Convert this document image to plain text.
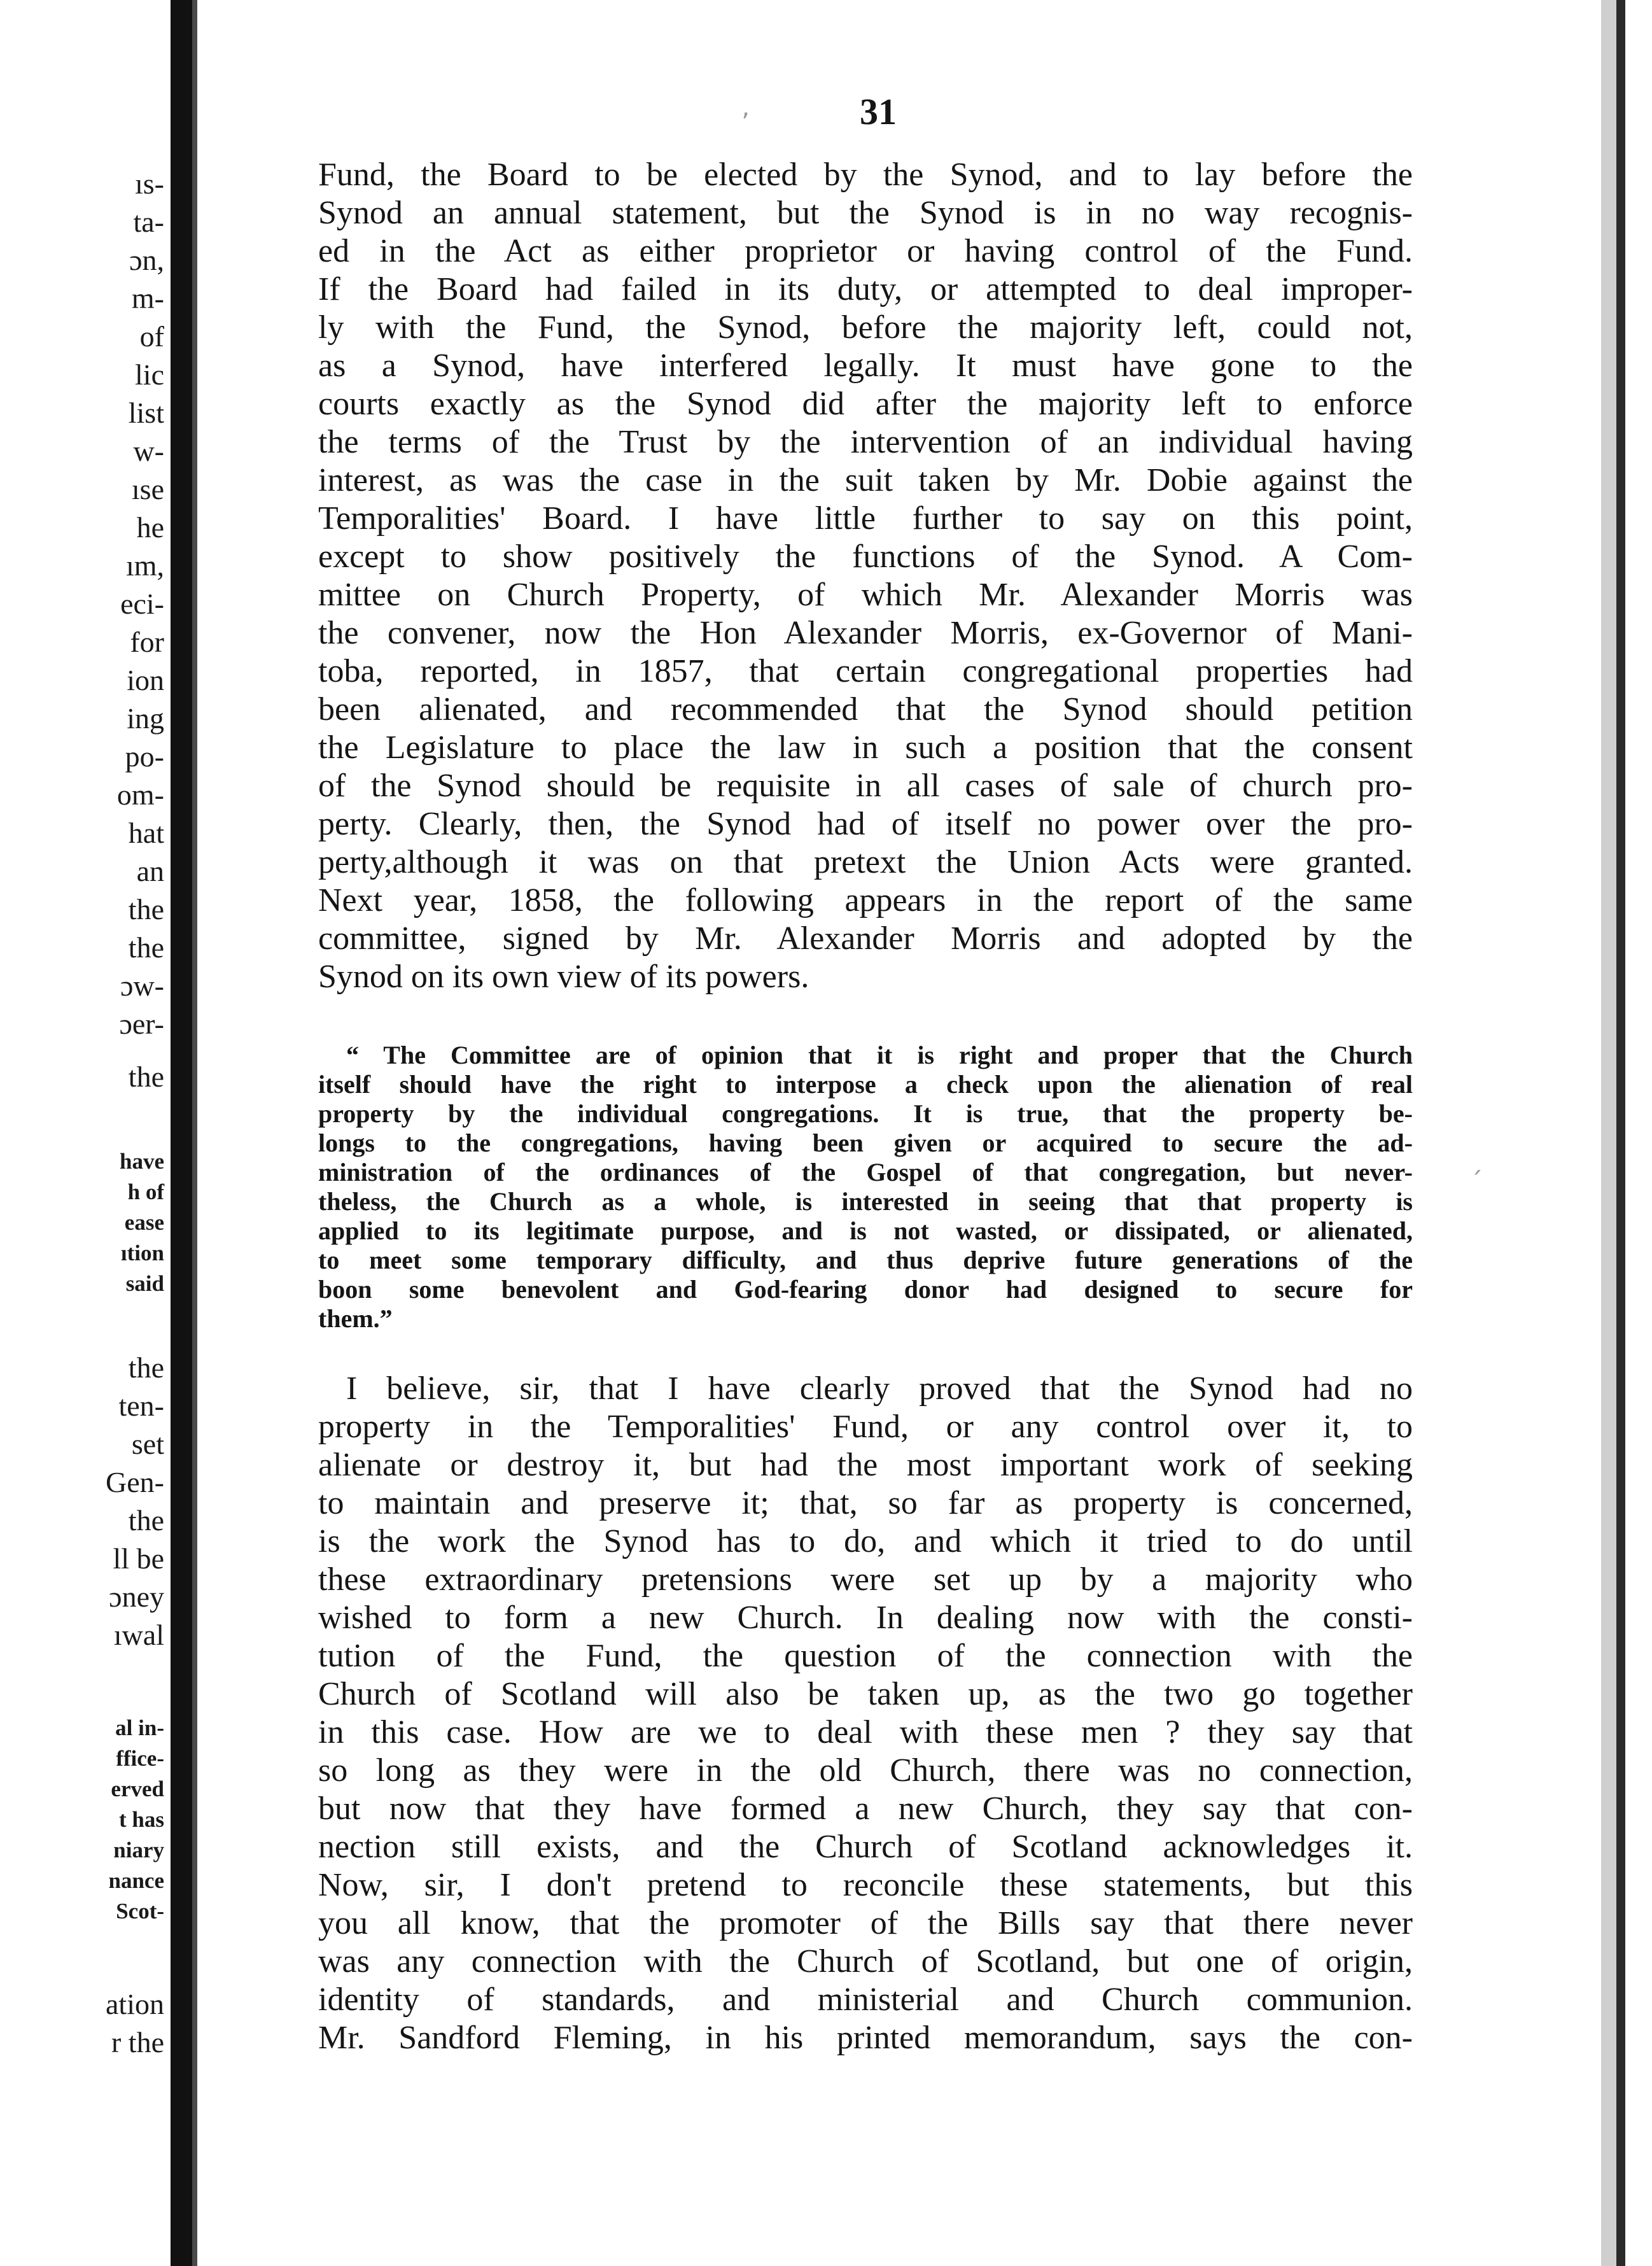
ıs-
ta-
ɔn,
m-
of
lic
list
w-
ıse
he
ım,
eci-
for
ion
ing
po-
om-
hat
an
the
the
ɔw-
ɔer-
the
have
h of
ease
ıtion
said
the
ten-
set
Gen-
the
ll be
ɔney
ıwal
al in-
ffice-
erved
t has
niary
nance
Scot-
ation
r the
ʼ
ˏ
31
Fund, the Board to be elected by the Synod, and to lay before the
Synod an annual statement, but the Synod is in no way recognis-
ed in the Act as either proprietor or having control of the Fund.
If the Board had failed in its duty, or attempted to deal improper-
ly with the Fund, the Synod, before the majority left, could not,
as a Synod, have interfered legally. It must have gone to the
courts exactly as the Synod did after the majority left to enforce
the terms of the Trust by the intervention of an individual having
interest, as was the case in the suit taken by Mr. Dobie against the
Temporalities' Board. I have little further to say on this point,
except to show positively the functions of the Synod. A Com-
mittee on Church Property, of which Mr. Alexander Morris was
the convener, now the Hon Alexander Morris, ex-Governor of Mani-
toba, reported, in 1857, that certain congregational properties had
been alienated, and recommended that the Synod should petition
the Legislature to place the law in such a position that the consent
of the Synod should be requisite in all cases of sale of church pro-
perty. Clearly, then, the Synod had of itself no power over the pro-
perty,although it was on that pretext the Union Acts were granted.
Next year, 1858, the following appears in the report of the same
committee, signed by Mr. Alexander Morris and adopted by the
Synod on its own view of its powers.
“ The Committee are of opinion that it is right and proper that the Church
itself should have the right to interpose a check upon the alienation of real
property by the individual congregations. It is true, that the property be-
longs to the congregations, having been given or acquired to secure the ad-
ministration of the ordinances of the Gospel of that congregation, but never-
theless, the Church as a whole, is interested in seeing that that property is
applied to its legitimate purpose, and is not wasted, or dissipated, or alienated,
to meet some temporary difficulty, and thus deprive future generations of the
boon some benevolent and God-fearing donor had designed to secure for
them.”
I believe, sir, that I have clearly proved that the Synod had no
property in the Temporalities' Fund, or any control over it, to
alienate or destroy it, but had the most important work of seeking
to maintain and preserve it; that, so far as property is concerned,
is the work the Synod has to do, and which it tried to do until
these extraordinary pretensions were set up by a majority who
wished to form a new Church. In dealing now with the consti-
tution of the Fund, the question of the connection with the
Church of Scotland will also be taken up, as the two go together
in this case. How are we to deal with these men ? they say that
so long as they were in the old Church, there was no connection,
but now that they have formed a new Church, they say that con-
nection still exists, and the Church of Scotland acknowledges it.
Now, sir, I don't pretend to reconcile these statements, but this
you all know, that the promoter of the Bills say that there never
was any connection with the Church of Scotland, but one of origin,
identity of standards, and ministerial and Church communion.
Mr. Sandford Fleming, in his printed memorandum, says the con-
